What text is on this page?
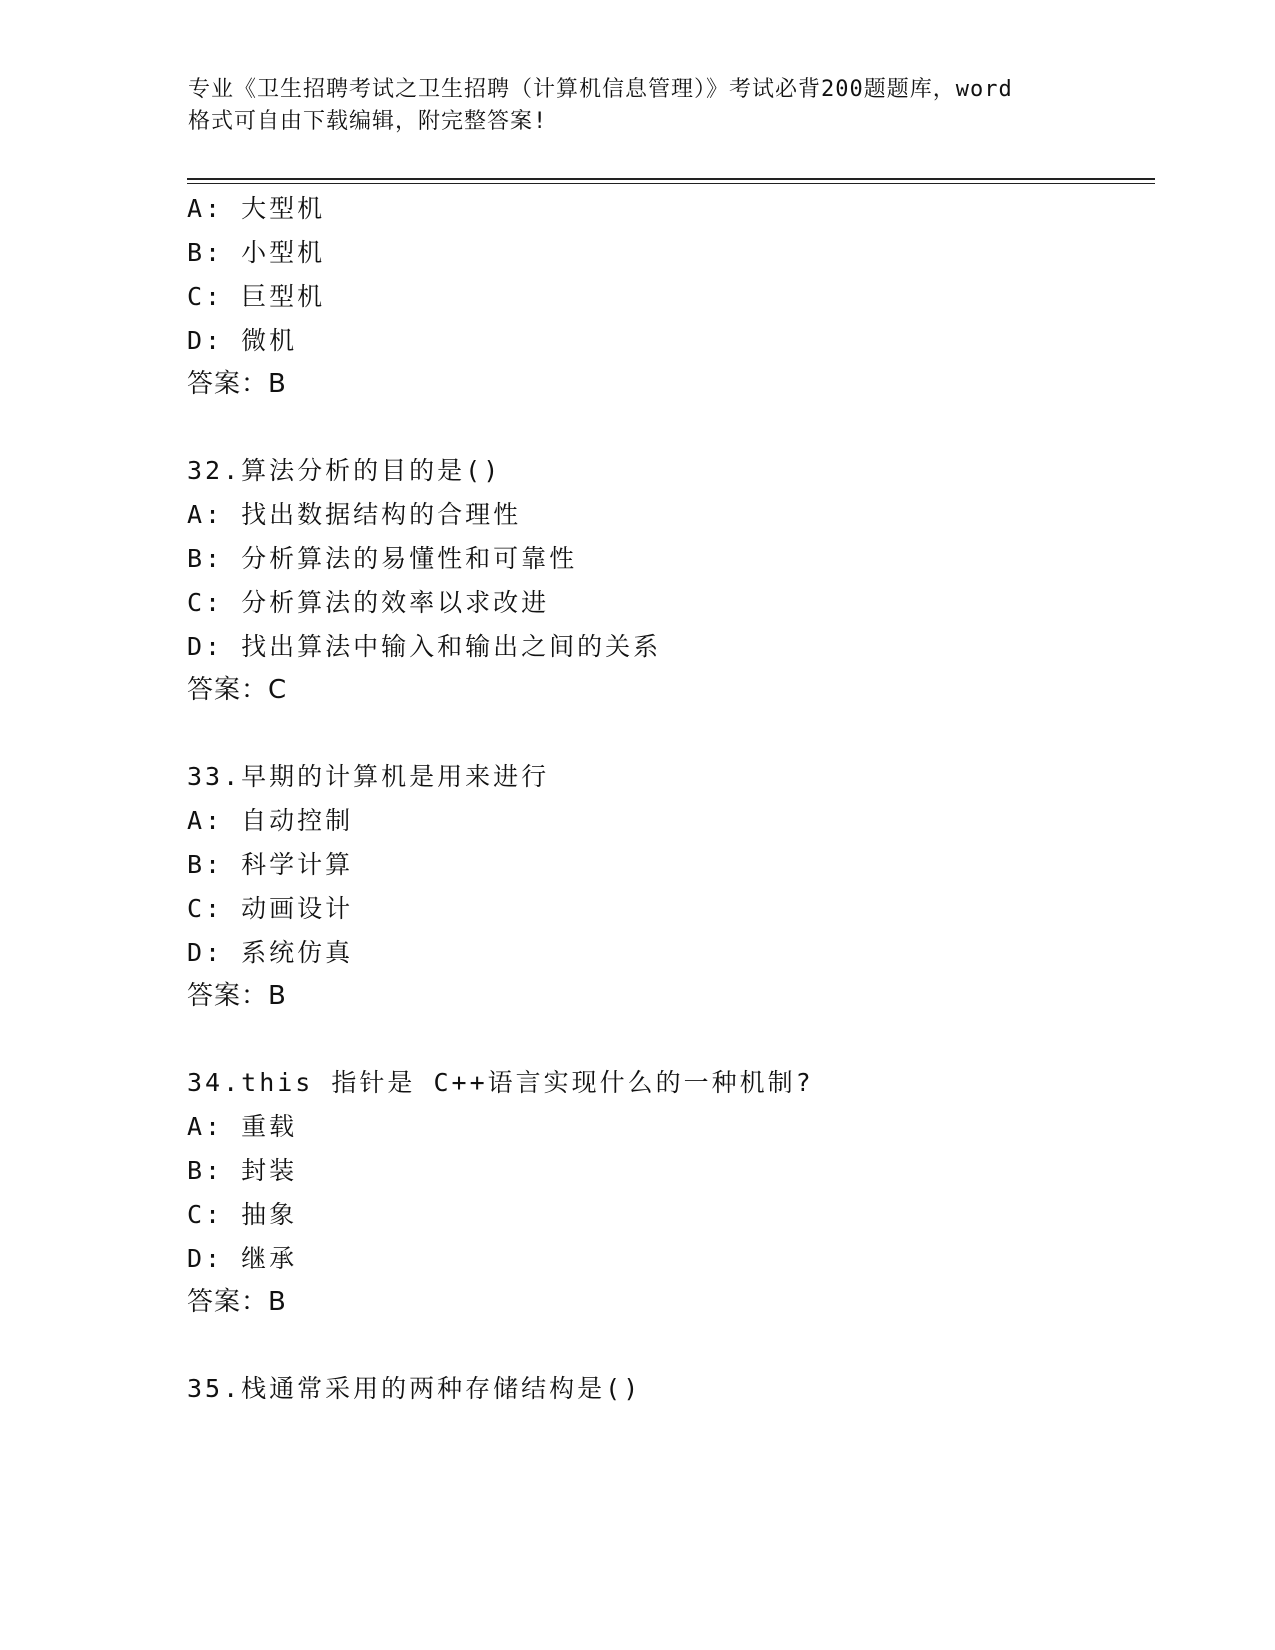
专业《卫生招聘考试之卫生招聘（计算机信息管理）》考试必背200题题库，word
格式可自由下载编辑，附完整答案!
A: 大型机
B: 小型机
C: 巨型机
D: 微机
答案：B
32.算法分析的目的是()
A: 找出数据结构的合理性
B: 分析算法的易懂性和可靠性
C: 分析算法的效率以求改进
D: 找出算法中输入和输出之间的关系
答案：C
33.早期的计算机是用来进行
A: 自动控制
B: 科学计算
C: 动画设计
D: 系统仿真
答案：B
34.this 指针是 C++语言实现什么的一种机制?
A: 重载
B: 封装
C: 抽象
D: 继承
答案：B
35.栈通常采用的两种存储结构是()
